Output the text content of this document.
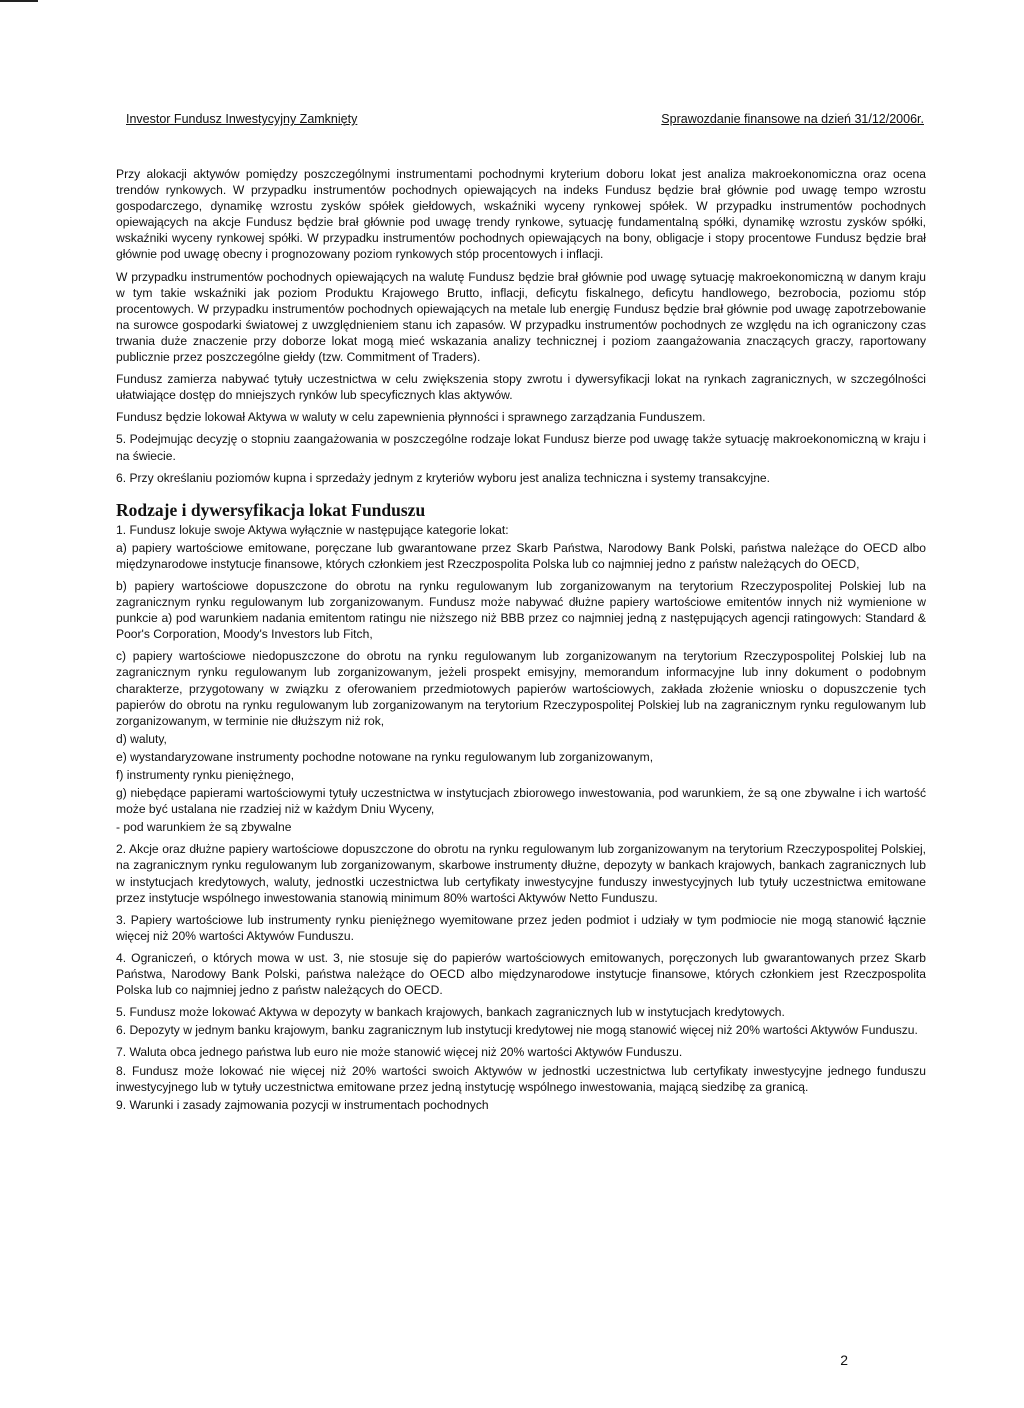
Investor Fundusz Inwestycyjny Zamknięty	Sprawozdanie finansowe na dzień 31/12/2006r.

Przy alokacji aktywów pomiędzy poszczególnymi instrumentami pochodnymi kryterium doboru lokat jest analiza makroekonomiczna oraz ocena trendów rynkowych. W przypadku instrumentów pochodnych opiewających na indeks Fundusz będzie brał głównie pod uwagę tempo wzrostu gospodarczego, dynamikę wzrostu zysków spółek giełdowych, wskaźniki wyceny rynkowej spółek. W przypadku instrumentów pochodnych opiewających na akcje Fundusz będzie brał głównie pod uwagę trendy rynkowe, sytuację fundamentalną spółki, dynamikę wzrostu zysków spółki, wskaźniki wyceny rynkowej spółki. W przypadku instrumentów pochodnych opiewających na bony, obligacje i stopy procentowe Fundusz będzie brał głównie pod uwagę obecny i prognozowany poziom rynkowych stóp procentowych i inflacji.

W przypadku instrumentów pochodnych opiewających na walutę Fundusz będzie brał głównie pod uwagę sytuację makroekonomiczną w danym kraju w tym takie wskaźniki jak poziom Produktu Krajowego Brutto, inflacji, deficytu fiskalnego, deficytu handlowego, bezrobocia, poziomu stóp procentowych. W przypadku instrumentów pochodnych opiewających na metale lub energię Fundusz będzie brał głównie pod uwagę zapotrzebowanie na surowce gospodarki światowej z uwzględnieniem stanu ich zapasów. W przypadku instrumentów pochodnych ze względu na ich ograniczony czas trwania duże znaczenie przy doborze lokat mogą mieć wskazania analizy technicznej i poziom zaangażowania znaczących graczy, raportowany publicznie przez poszczególne giełdy (tzw. Commitment of Traders).

Fundusz zamierza nabywać tytuły uczestnictwa w celu zwiększenia stopy zwrotu i dywersyfikacji lokat na rynkach zagranicznych, w szczególności ułatwiające dostęp do mniejszych rynków lub specyficznych klas aktywów.

Fundusz będzie lokował Aktywa w waluty w celu zapewnienia płynności i sprawnego zarządzania Funduszem.

5. Podejmując decyzję o stopniu zaangażowania w poszczególne rodzaje lokat Fundusz bierze pod uwagę także sytuację makroekonomiczną w kraju i na świecie.

6. Przy określaniu poziomów kupna i sprzedaży jednym z kryteriów wyboru jest analiza techniczna i systemy transakcyjne.

Rodzaje i dywersyfikacja lokat Funduszu

1. Fundusz lokuje swoje Aktywa wyłącznie w następujące kategorie lokat:

a) papiery wartościowe emitowane, poręczane lub gwarantowane przez Skarb Państwa, Narodowy Bank Polski, państwa należące do OECD albo międzynarodowe instytucje finansowe, których członkiem jest Rzeczpospolita Polska lub co najmniej jedno z państw należących do OECD,

b) papiery wartościowe dopuszczone do obrotu na rynku regulowanym lub zorganizowanym na terytorium Rzeczypospolitej Polskiej lub na zagranicznym rynku regulowanym lub zorganizowanym. Fundusz może nabywać dłużne papiery wartościowe emitentów innych niż wymienione w punkcie a) pod warunkiem nadania emitentom ratingu nie niższego niż BBB przez co najmniej jedną z następujących agencji ratingowych: Standard & Poor's Corporation, Moody's Investors lub Fitch,

c) papiery wartościowe niedopuszczone do obrotu na rynku regulowanym lub zorganizowanym na terytorium Rzeczypospolitej Polskiej lub na zagranicznym rynku regulowanym lub zorganizowanym, jeżeli prospekt emisyjny, memorandum informacyjne lub inny dokument o podobnym charakterze, przygotowany w związku z oferowaniem przedmiotowych papierów wartościowych, zakłada złożenie wniosku o dopuszczenie tych papierów do obrotu na rynku regulowanym lub zorganizowanym na terytorium Rzeczypospolitej Polskiej lub na zagranicznym rynku regulowanym lub zorganizowanym, w terminie nie dłuższym niż rok,

d) waluty,

e) wystandaryzowane instrumenty pochodne notowane na rynku regulowanym lub zorganizowanym,

f) instrumenty rynku pieniężnego,

g) niebędące papierami wartościowymi tytuły uczestnictwa w instytucjach zbiorowego inwestowania, pod warunkiem, że są one zbywalne i ich wartość może być ustalana nie rzadziej niż w każdym Dniu Wyceny,

- pod warunkiem że są zbywalne

2. Akcje oraz dłużne papiery wartościowe dopuszczone do obrotu na rynku regulowanym lub zorganizowanym na terytorium Rzeczypospolitej Polskiej, na zagranicznym rynku regulowanym lub zorganizowanym, skarbowe instrumenty dłużne, depozyty w bankach krajowych, bankach zagranicznych lub w instytucjach kredytowych, waluty, jednostki uczestnictwa lub certyfikaty inwestycyjne funduszy inwestycyjnych lub tytuły uczestnictwa emitowane przez instytucje wspólnego inwestowania stanowią minimum 80% wartości Aktywów Netto Funduszu.

3. Papiery wartościowe lub instrumenty rynku pieniężnego wyemitowane przez jeden podmiot i udziały w tym podmiocie nie mogą stanowić łącznie więcej niż 20% wartości Aktywów Funduszu.

4. Ograniczeń, o których mowa w ust. 3, nie stosuje się do papierów wartościowych emitowanych, poręczonych lub gwarantowanych przez Skarb Państwa, Narodowy Bank Polski, państwa należące do OECD albo międzynarodowe instytucje finansowe, których członkiem jest Rzeczpospolita Polska lub co najmniej jedno z państw należących do OECD.

5. Fundusz może lokować Aktywa w depozyty w bankach krajowych, bankach zagranicznych lub w instytucjach kredytowych.

6. Depozyty w jednym banku krajowym, banku zagranicznym lub instytucji kredytowej nie mogą stanowić więcej niż 20% wartości Aktywów Funduszu.

7. Waluta obca jednego państwa lub euro nie może stanowić więcej niż 20% wartości Aktywów Funduszu.

8. Fundusz może lokować nie więcej niż 20% wartości swoich Aktywów w jednostki uczestnictwa lub certyfikaty inwestycyjne jednego funduszu inwestycyjnego lub w tytuły uczestnictwa emitowane przez jedną instytucję wspólnego inwestowania, mającą siedzibę za granicą.

9. Warunki i zasady zajmowania pozycji w instrumentach pochodnych

2
